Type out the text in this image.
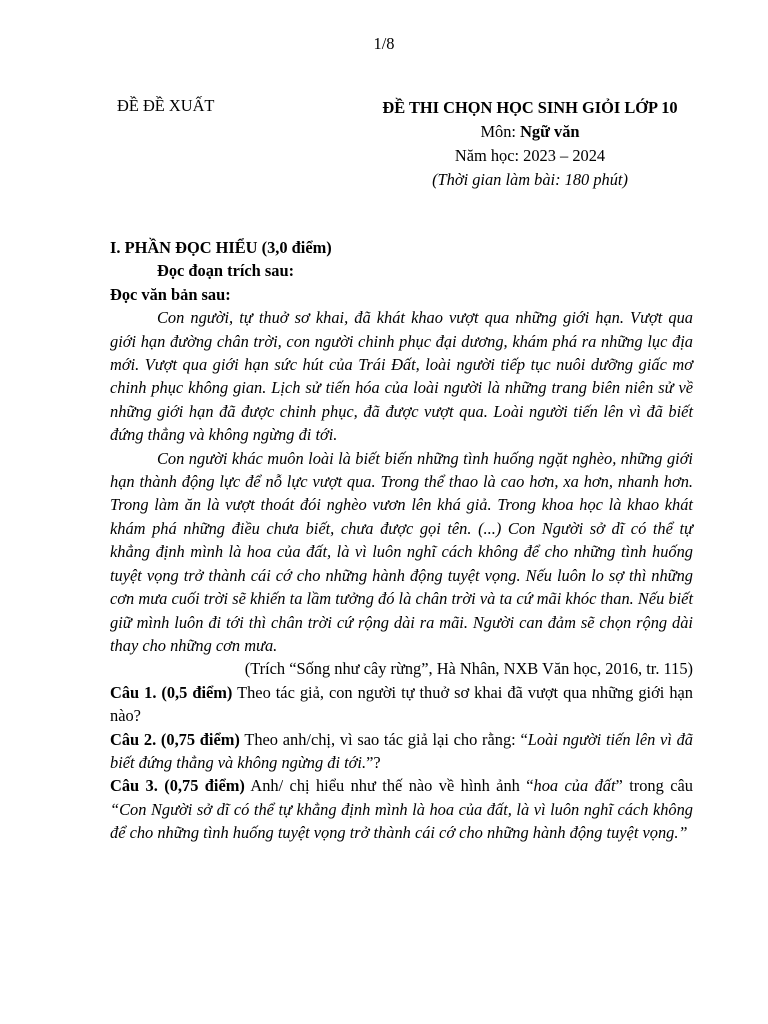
1/8
ĐỀ ĐỀ XUẤT	ĐỀ THI CHỌN HỌC SINH GIỎI LỚP 10
Môn: Ngữ văn
Năm học: 2023 – 2024
(Thời gian làm bài: 180 phút)

I. PHẦN ĐỌC HIỂU (3,0 điểm)

Đọc đoạn trích sau:

Đọc văn bản sau:

Con người, tự thuở sơ khai, đã khát khao vượt qua những giới hạn. Vượt qua giới hạn đường chân trời, con người chinh phục đại dương, khám phá ra những lục địa mới. Vượt qua giới hạn sức hút của Trái Đất, loài người tiếp tục nuôi dưỡng giấc mơ chinh phục không gian. Lịch sử tiến hóa của loài người là những trang biên niên sử về những giới hạn đã được chinh phục, đã được vượt qua. Loài người tiến lên vì đã biết đứng thẳng và không ngừng đi tới.

Con người khác muôn loài là biết biến những tình huống ngặt nghèo, những giới hạn thành động lực để nỗ lực vượt qua. Trong thể thao là cao hơn, xa hơn, nhanh hơn. Trong làm ăn là vượt thoát đói nghèo vươn lên khá giả. Trong khoa học là khao khát khám phá những điều chưa biết, chưa được gọi tên. (...) Con Người sở dĩ có thể tự khẳng định mình là hoa của đất, là vì luôn nghĩ cách không để cho những tình huống tuyệt vọng trở thành cái cớ cho những hành động tuyệt vọng. Nếu luôn lo sợ thì những cơn mưa cuối trời sẽ khiến ta lầm tưởng đó là chân trời và ta cứ mãi khóc than. Nếu biết giữ mình luôn đi tới thì chân trời cứ rộng dài ra mãi. Người can đảm sẽ chọn rộng dài thay cho những cơn mưa.

(Trích “Sống như cây rừng”, Hà Nhân, NXB Văn học, 2016, tr. 115)

Câu 1. (0,5 điểm) Theo tác giả, con người tự thuở sơ khai đã vượt qua những giới hạn nào?

Câu 2. (0,75 điểm) Theo anh/chị, vì sao tác giả lại cho rằng: “Loài người tiến lên vì đã biết đứng thẳng và không ngừng đi tới.”?

Câu 3. (0,75 điểm) Anh/ chị hiểu như thế nào về hình ảnh “hoa của đất” trong câu “Con Người sở dĩ có thể tự khẳng định mình là hoa của đất, là vì luôn nghĩ cách không để cho những tình huống tuyệt vọng trở thành cái cớ cho những hành động tuyệt vọng.”
